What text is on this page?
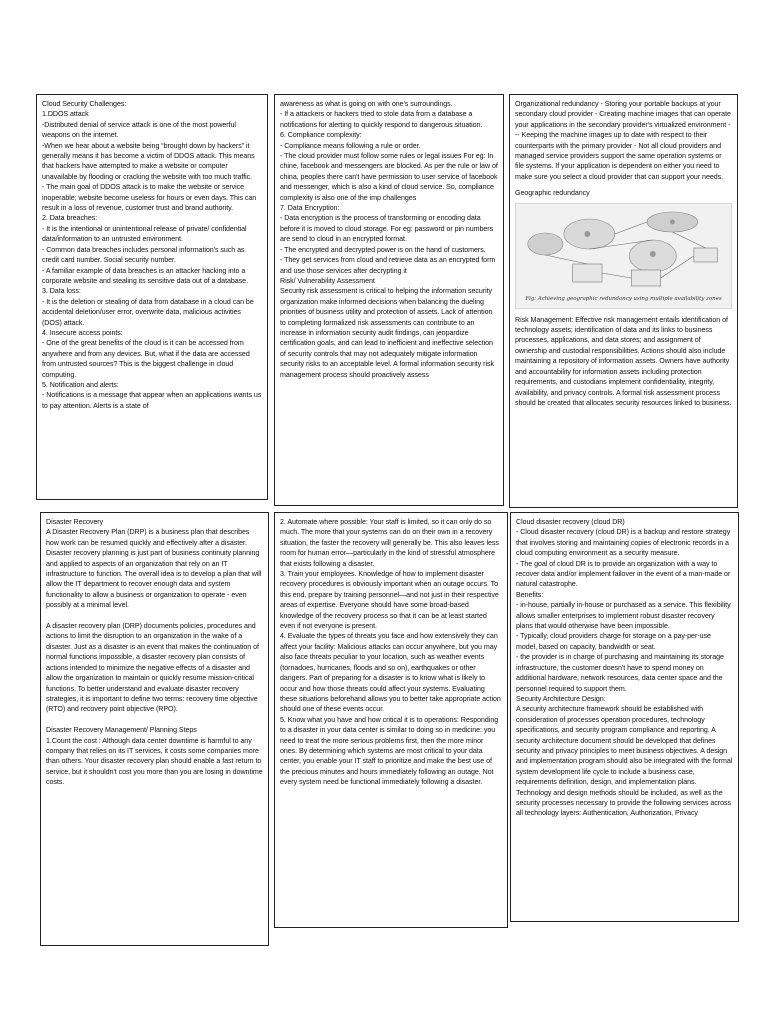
Cloud Security Challenges:

1.DDOS attack

-Distributed denial of service attack is one of the most powerful weapons on the internet.

-When we hear about a website being “brought down by hackers” it generally means it has become a victim of DDOS attack. This means that hackers have attempted to make a website or computer unavailable by flooding or cracking the website with too much traffic.

- The main goal of DDOS attack is to make the website or service inoperable; website become useless for hours or even days. This can result in a loss of revenue, customer trust and brand authority.

2. Data breaches:

- It is the intentional or unintentional release of private/ confidential data/information to an untrusted environment.

- Common data breaches includes personal information's such as credit card number. Social security number.

- A familiar example of data breaches is an attacker hacking into a corporate website and stealing its sensitive data out of a database.

3. Data loss:

- It is the deletion or stealing of data from database in a cloud can be accidental deletion/user error, overwrite data, malicious activities (DOS) attack.

4. Insecure access points:

- One of the great benefits of the cloud is it can be accessed from anywhere and from any devices. But, what if the data are accessed from untrusted sources? This is the biggest challenge in cloud computing.

5. Notification and alerts:

- Notifications is a message that appear when an applications wants us to pay attention. Alerts is a state of

awareness as what is going on with one's surroundings.

- If a attackers or hackers tried to stole data from a database a notifications for alerting to quickly respond to dangerous situation.

6. Compliance complexity:

- Compliance means following a rule or order.

- The cloud provider must follow some rules or legal issues For eg: In chine, facebook and messengers are blocked. As per the rule or law of china, peoples there can't have permission to user service of facebook and messenger, which is also a kind of cloud service. So, compliance complexity is also one of the imp challenges

7. Data Encryption:

- Data encryption is the process of transforming or encoding data before it is moved to cloud storage. For eg: password or pin numbers are send to cloud in an encrypted format.

- The encrypted and decrypted power is on the hand of customers.

- They get services from cloud and retrieve data as an encrypted form and use those services after decrypting it

Risk/ Vulnerability Assessment

Security risk assessment is critical to helping the information security organization make informed decisions when balancing the dueling priorities of business utility and protection of assets. Lack of attention to completing formalized risk assessments can contribute to an increase in information security audit findings, can jeopardize certification goals, and can lead to inefficient and ineffective selection of security controls that may not adequately mitigate information security risks to an acceptable level. A formal information security risk

management process should proactively assess

Organizational redundancy - Storing your portable backups at your secondary cloud provider - Creating machine images that can operate your applications in the secondary provider's virtualized environment --- Keeping the machine images up to date with respect to their counterparts with the primary provider - Not all cloud providers and managed service providers support the same operation systems or file systems. If your application is dependent on either you need to make sure you select a cloud provider that can support your needs.

Geographic redundancy

Fig: Achieving geographic redundancy using multiple availability zones

Risk Management: Effective risk management entails identification of technology assets; identification of data and its links to business processes, applications, and data stores; and assignment of ownership and custodial responsibilities. Actions should also include maintaining a repository of information assets. Owners have authority and accountability for information assets including protection requirements, and custodians implement confidentiality, integrity, availability, and privacy controls. A formal risk assessment process should be created that allocates security resources linked to business.

Disaster Recovery

A Disaster Recovery Plan (DRP) is a business plan that describes how work can be resumed quickly and effectively after a disaster. Disaster recovery planning is just part of business continuity planning and applied to aspects of an organization that rely on an IT infrastructure to function. The overall idea is to develop a plan that will allow the IT department to recover enough data and system functionality to allow a business or organization to operate - even possibly at a minimal level.

A disaster recovery plan (DRP) documents policies, procedures and actions to limit the disruption to an organization in the wake of a disaster. Just as a disaster is an event that makes the continuation of normal functions impossible, a disaster recovery plan consists of actions intended to minimize the negative effects of a disaster and allow the organization to maintain or quickly resume mission-critical functions. To better understand and evaluate disaster recovery strategies, it is important to define two terms: recovery time objective (RTO) and recovery point objective (RPO).

Disaster Recovery Management/ Planning Steps

1.Count the cost : Although data center downtime is harmful to any company that relies on its IT services, it costs some companies more than others. Your disaster recovery plan should enable a fast return to service, but it shouldn't cost you more than you are losing in downtime costs.

2. Automate where possible: Your staff is limited, so it can only do so much. The more that your systems can do on their own in a recovery situation, the faster the recovery will generally be. This also leaves less room for human error—particularly in the kind of stressful atmosphere that exists following a disaster.

3. Train your employees. Knowledge of how to implement disaster recovery procedures is obviously important when an outage occurs. To this end, prepare by training personnel—and not just in their respective areas of expertise. Everyone should have some broad-based knowledge of the recovery process so that it can be at least started even if not everyone is present.

4. Evaluate the types of threats you face and how extensively they can affect your facility: Malicious attacks can occur anywhere, but you may also face threats peculiar to your location, such as weather events (tornadoes, hurricanes, floods and so on), earthquakes or other dangers. Part of preparing for a disaster is to know what is likely to occur and how those threats could affect your systems. Evaluating these situations beforehand allows you to better take appropriate action should one of these events occur.

5. Know what you have and how critical it is to operations: Responding to a disaster in your data center is similar to doing so in medicine: you need to treat the more serious problems first, then the more minor ones. By determining which systems are most critical to your data center, you enable your IT staff to prioritize and make the best use of the precious minutes and hours immediately following an outage. Not every system need be functional immediately following a disaster.

Cloud disaster recovery (cloud DR)

- Cloud disaster recovery (cloud DR) is a backup and restore strategy that involves storing and maintaining copies of electronic records in a cloud computing environment as a security measure.

- The goal of cloud DR is to provide an organization with a way to recover data and/or implement failover in the event of a man-made or natural catastrophe.

Benefits:

- in-house, partially in-house or purchased as a service. This flexibility allows smaller enterprises to implement robust disaster recovery plans that would otherwise have been impossible.

- Typically, cloud providers charge for storage on a pay-per-use model, based on capacity, bandwidth or seat.

- the provider is in charge of purchasing and maintaining its storage infrastructure, the customer doesn't have to spend money on additional hardware, network resources, data center space and the personnel required to support them.

Security Architecture Design:

A security architecture framework should be established with consideration of processes operation procedures, technology specifications, and security program compliance and reporting. A security architecture document should be developed that defines security and privacy principles to meet business objectives. A design and implementation program should also be integrated with the formal system development life cycle to include a business case, requirements definition, design, and implementation plans. Technology and design methods should be included, as well as the security processes necessary to provide the following services across all technology layers: Authentication, Authorization, Privacy
